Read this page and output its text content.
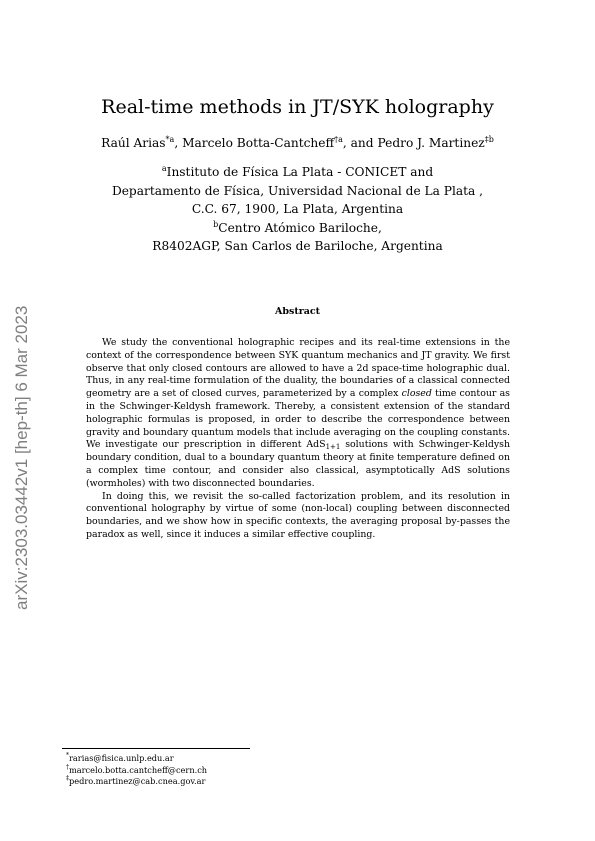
arXiv:2303.03442v1 [hep-th] 6 Mar 2023
Real-time methods in JT/SYK holography
Raúl Arias$^{*a}$, Marcelo Botta-Cantcheff$^{\dagger a}$, and Pedro J. Martinez$^{\ddagger b}$
$^a$Instituto de Física La Plata - CONICET and
Departamento de Física, Universidad Nacional de La Plata ,
C.C. 67, 1900, La Plata, Argentina
$^b$Centro Atómico Bariloche,
R8402AGP, San Carlos de Bariloche, Argentina
Abstract

We study the conventional holographic recipes and its real-time extensions in the context of the correspondence between SYK quantum mechanics and JT gravity. We first observe that only closed contours are allowed to have a 2d space-time holographic dual. Thus, in any real-time formulation of the duality, the boundaries of a classical connected geometry are a set of closed curves, parameterized by a complex closed time contour as in the Schwinger-Keldysh framework. Thereby, a consistent extension of the standard holographic formulas is proposed, in order to describe the correspondence between gravity and boundary quantum models that include averaging on the coupling constants. We investigate our prescription in different AdS$_{1+1}$ solutions with Schwinger-Keldysh boundary condition, dual to a boundary quantum theory at finite temperature defined on a complex time contour, and consider also classical, asymptotically AdS solutions (wormholes) with two disconnected boundaries.

In doing this, we revisit the so-called factorization problem, and its resolution in conventional holography by virtue of some (non-local) coupling between disconnected boundaries, and we show how in specific contexts, the averaging proposal by-passes the paradox as well, since it induces a similar effective coupling.

*rarias@fisica.unlp.edu.ar
†marcelo.botta.cantcheff@cern.ch
‡pedro.martinez@cab.cnea.gov.ar
